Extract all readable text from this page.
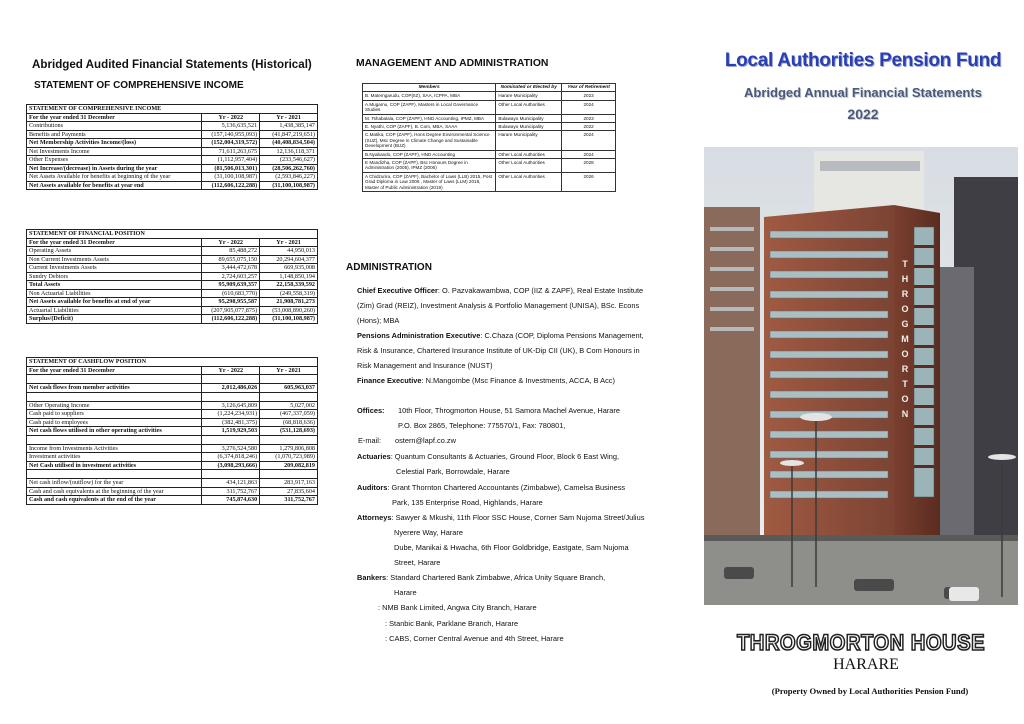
Abridged Audited Financial Statements (Historical)
STATEMENT OF COMPREHENSIVE INCOME
STATEMENT OF COMPREHENSIVE INCOME		
For the year ended 31 December	Yr - 2022	Yr - 2021
Contributions	5,136,635,521	1,438,385,147
Benefits and Payments	(157,140,955,093)	(41,847,219,651)
Net Membership Activities Income/(loss)	(152,004,319,572)	(40,408,834,504)
Net Investments Income	71,611,263,675	12,136,118,371
Other Expenses	(1,112,957,404)	(233,546,627)
Net Increase/(decrease) in Assets during the year	(81,506,013,301)	(28,506,262,760)
Net Assets Available for benefits at beginning of the year	(31,100,108,987)	(2,593,846,227)
Net Assets available for benefits at year end	(112,606,122,288)	(31,100,108,987)
STATEMENT OF FINANCIAL POSITION		
For the year ended 31 December	Yr - 2022	Yr - 2021
Operating Assets	85,488,272	44,950,013
Non Current Investments Assets	89,655,075,150	20,294,604,377
Current Investments Assets	3,444,472,678	669,935,008
Sundry Debtors	2,724,603,257	1,148,850,194
Total Assets	95,909,639,357	22,158,339,592
Non Actuarial Liabilities	(610,683,770)	(249,558,319)
Net Assets available for benefits at end of year	95,298,955,587	21,908,781,273
Actuarial Liabilities	(207,905,077,875)	(53,008,890,260)
Surplus/(Deficit)	(112,606,122,288)	(31,100,108,987)
STATEMENT OF CASHFLOW POSITION		
For the year ended 31 December	Yr - 2022	Yr - 2021

Net cash flows from member activities	2,012,486,026	605,963,037

Other Operating Income	3,126,645,809	5,027,002
Cash paid to suppliers	(1,224,234,931)	(467,337,059)
Cash paid to employees	(382,481,375)	(68,818,636)
Net cash flows utilised in other operating activities	1,519,929,503	(531,128,693)

Income from Investments Activities	3,276,524,580	1,279,806,808
Investment activities	(6,374,818,246)	(1,070,723,989)
Net Cash utilised in investment activities	(3,098,293,666)	209,082,819

Net cash inflow/(outflow) for the year	434,121,863	283,917,163
Cash and cash equivalents at the beginning of the year	311,752,767	27,835,604
Cash and cash equivalents at the end of the year	745,874,630	311,752,767
MANAGEMENT AND ADMINISTRATION
Members	Nominated or Elected by	Year of Retirement
B. Matemgarudu, COP(IIZ), SAA, ICPPA, MBA	Harare Municipality	2023
A.Mugamu, COP (ZAPF), Masters in Local Governance Studies	Other Local Authorities	2024
M. Tshabalala, COP (ZAPF), HND Accounting, IPMZ, MBA	Bulawayo Municipality	2023
E. Nyathi, COP (ZAPF), B. Com, MBA, SAAA	Bulawayo Municipality	2022
C.Matika, COP (ZAPF), Hons Degree Environmental Science (SUZ), Msc Degree in Climate Change and Sustainable Development (BUZ)	Harare Municipality	2024
B.Nyabando, COP (ZAPF), HND Accounting	Other Local Authorities	2024
E Mandizha, COP (ZAPF), Bsc Honours Degree in Administration (2005), IPMZ (2006)	Other Local Authorities	2028
A Chidzurira, COP (ZAPF), Bachelor of Laws (LLB) 2015, Post Grad Diploma in Law 2006 , Master of Laws (LLM) 2018, Master of Public Administration (2019)	Other Local Authorities	2026
ADMINISTRATION
Chief Executive Officer: O. Pazvakawambwa, COP (IIZ & ZAPF), Real Estate Institute (Zim) Grad (REIZ), Investment Analysis & Portfolio Management (UNISA), BSc. Econs (Hons); MBA
Pensions Administration Executive: C.Chaza (COP, Diploma Pensions Management, Risk & Insurance, Chartered Insurance Institute of UK-Dip CII (UK), B Com Honours in Risk Management and Insurance (NUST)
Finance Executive: N.Mangombe (Msc Finance & Investments, ACCA, B Acc)
Offices: 10th Floor, Throgmorton House, 51 Samora Machel Avenue, Harare
P.O. Box 2865, Telephone: 775570/1, Fax: 780801,
E-mail: ostern@lapf.co.zw
Actuaries: Quantum Consultants & Actuaries, Ground Floor, Block 6 East Wing,
Celestial Park, Borrowdale, Harare
Auditors: Grant Thornton Chartered Accountants (Zimbabwe), Camelsa Business
Park, 135 Enterprise Road, Highlands, Harare
Attorneys: Sawyer & Mkushi, 11th Floor SSC House, Corner Sam Nujoma Street/Julius
Nyerere Way, Harare
Dube, Manikai & Hwacha, 6th Floor Goldbridge, Eastgate, Sam Nujoma
Street, Harare
Bankers: Standard Chartered Bank Zimbabwe, Africa Unity Square Branch,
Harare
: NMB Bank Limited, Angwa City Branch, Harare
: Stanbic Bank, Parklane Branch, Harare
: CABS, Corner Central Avenue and 4th Street, Harare
Local Authorities Pension Fund
Abridged Annual Financial Statements
2022
T
H
R
O
G
M
O
R
T
O
N
THROGMORTON HOUSE
HARARE
(Property Owned by Local Authorities Pension Fund)
